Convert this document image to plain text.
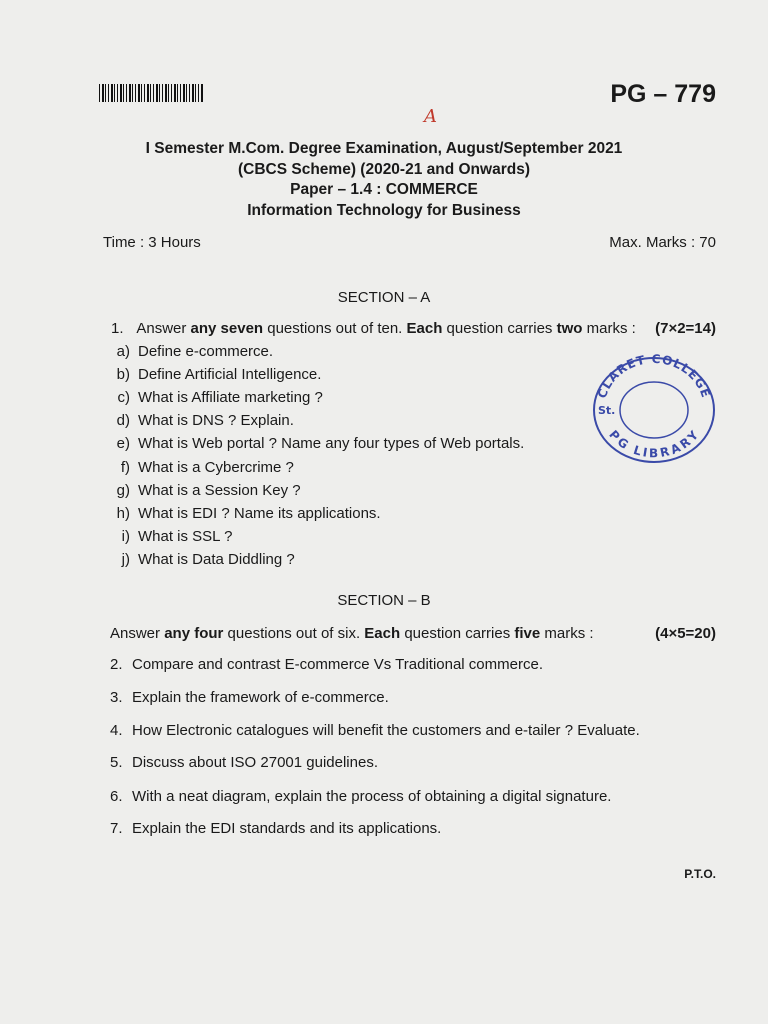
PG – 779
A
I Semester M.Com. Degree Examination, August/September 2021
(CBCS Scheme) (2020-21 and Onwards)
Paper – 1.4 : COMMERCE
Information Technology for Business
Time : 3 Hours	Max. Marks : 70
SECTION – A
1. Answer any seven questions out of ten. Each question carries two marks : (7×2=14)
a) Define e-commerce.
b) Define Artificial Intelligence.
c) What is Affiliate marketing ?
d) What is DNS ? Explain.
e) What is Web portal ? Name any four types of Web portals.
f) What is a Cybercrime ?
g) What is a Session Key ?
h) What is EDI ? Name its applications.
i) What is SSL ?
j) What is Data Diddling ?
SECTION – B
Answer any four questions out of six. Each question carries five marks :	(4×5=20)
2. Compare and contrast E-commerce Vs Traditional commerce.
3. Explain the framework of e-commerce.
4. How Electronic catalogues will benefit the customers and e-tailer ? Evaluate.
5. Discuss about ISO 27001 guidelines.
6. With a neat diagram, explain the process of obtaining a digital signature.
7. Explain the EDI standards and its applications.
P.T.O.
CLARET COLLEGE
PG LIBRARY
St.
